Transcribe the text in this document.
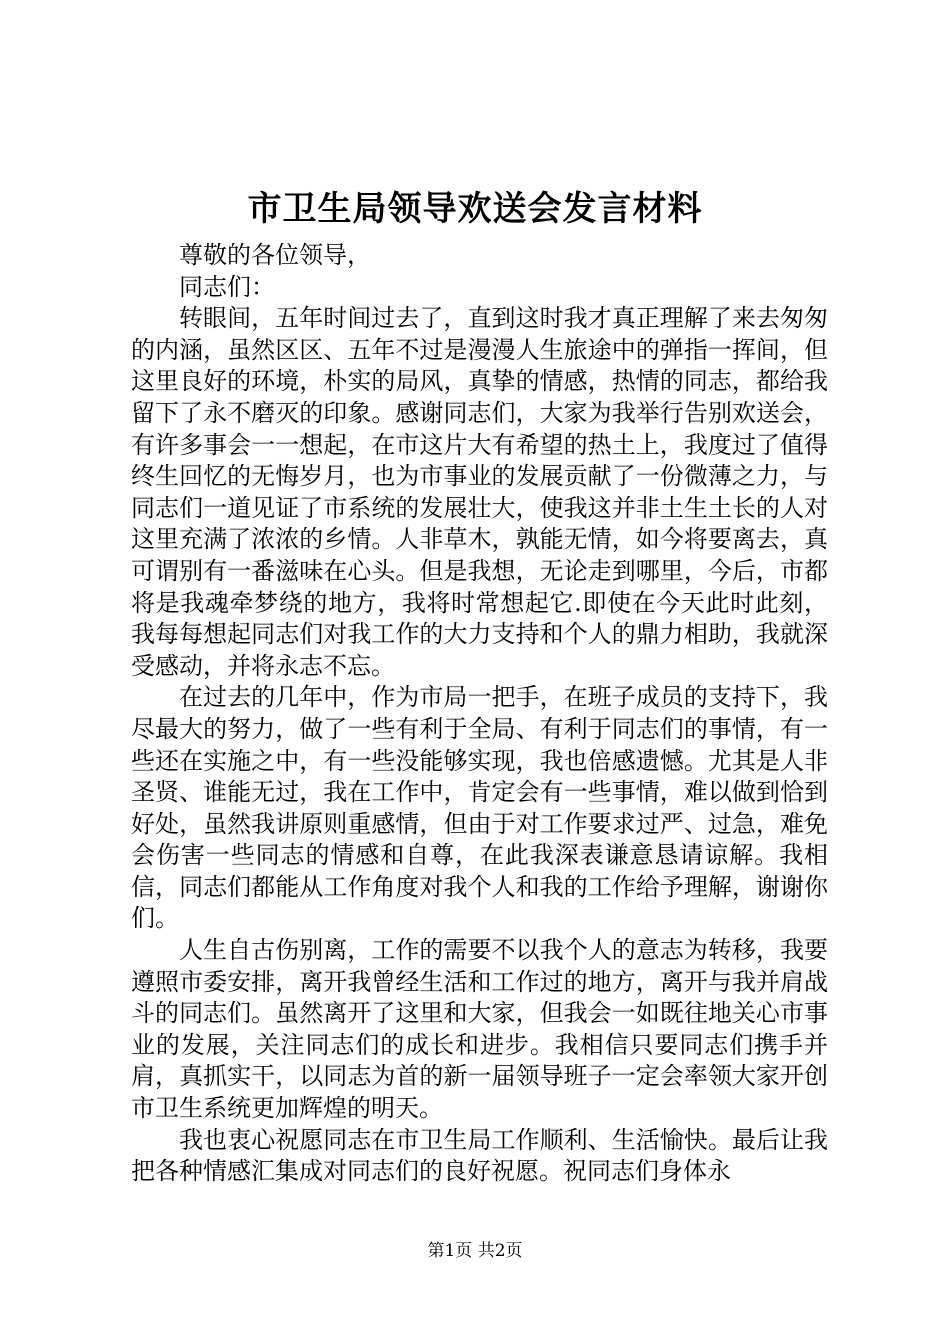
市卫生局领导欢送会发言材料

尊敬的各位领导，

同志们：

转眼间，五年时间过去了，直到这时我才真正理解了来去匆匆的内涵，虽然区区、五年不过是漫漫人生旅途中的弹指一挥间，但这里良好的环境，朴实的局风，真挚的情感，热情的同志，都给我留下了永不磨灭的印象。感谢同志们，大家为我举行告别欢送会，有许多事会一一想起，在市这片大有希望的热土上，我度过了值得终生回忆的无悔岁月，也为市事业的发展贡献了一份微薄之力，与同志们一道见证了市系统的发展壮大，使我这并非土生土长的人对这里充满了浓浓的乡情。人非草木，孰能无情，如今将要离去，真可谓别有一番滋味在心头。但是我想，无论走到哪里，今后，市都将是我魂牵梦绕的地方，我将时常想起它.即使在今天此时此刻，我每每想起同志们对我工作的大力支持和个人的鼎力相助，我就深受感动，并将永志不忘。

在过去的几年中，作为市局一把手，在班子成员的支持下，我尽最大的努力，做了一些有利于全局、有利于同志们的事情，有一些还在实施之中，有一些没能够实现，我也倍感遗憾。尤其是人非圣贤、谁能无过，我在工作中，肯定会有一些事情，难以做到恰到好处，虽然我讲原则重感情，但由于对工作要求过严、过急，难免会伤害一些同志的情感和自尊，在此我深表谦意恳请谅解。我相信，同志们都能从工作角度对我个人和我的工作给予理解，谢谢你们。

人生自古伤别离，工作的需要不以我个人的意志为转移，我要遵照市委安排，离开我曾经生活和工作过的地方，离开与我并肩战斗的同志们。虽然离开了这里和大家，但我会一如既往地关心市事业的发展，关注同志们的成长和进步。我相信只要同志们携手并肩，真抓实干，以同志为首的新一届领导班子一定会率领大家开创市卫生系统更加辉煌的明天。

我也衷心祝愿同志在市卫生局工作顺利、生活愉快。最后让我把各种情感汇集成对同志们的良好祝愿。祝同志们身体永

第1页 共2页
